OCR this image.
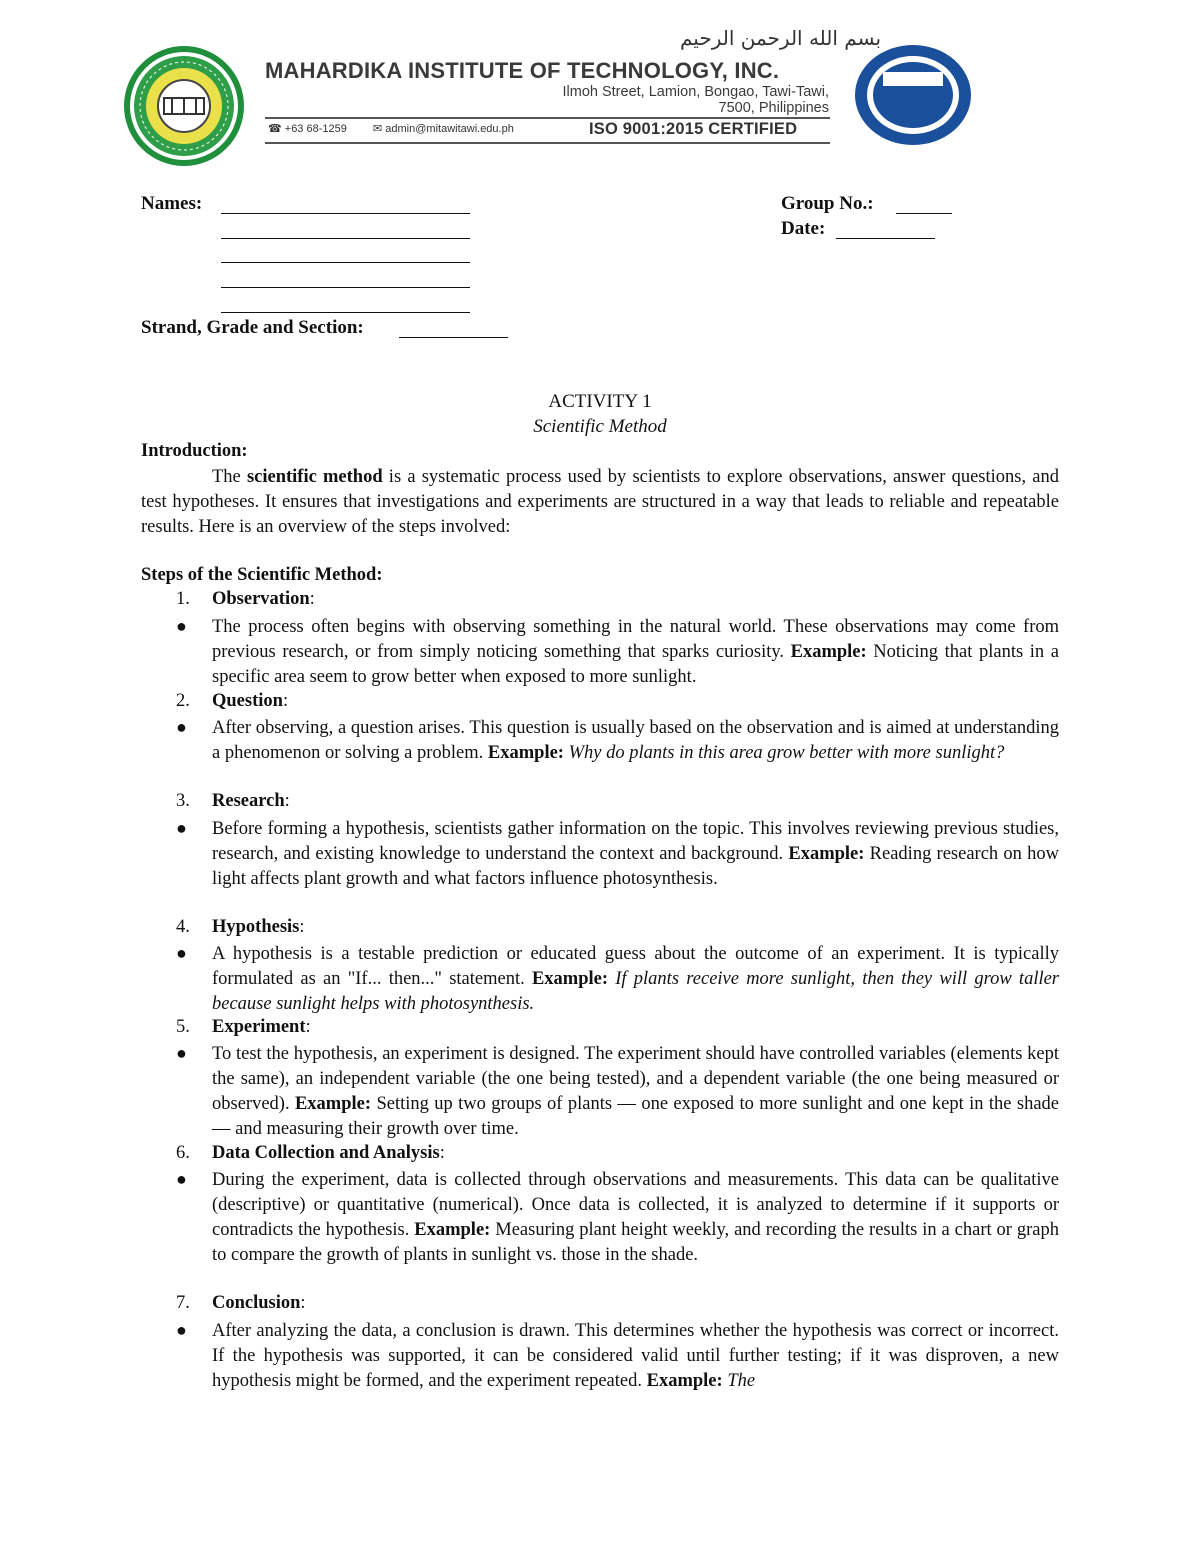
بسم الله الرحمن الرحيم
MAHARDIKA INSTITUTE OF TECHNOLOGY, INC.
Ilmoh Street, Lamion, Bongao, Tawi-Tawi,
7500, Philippines
☎ +63 68-1259 ✉ admin@mitawitawi.edu.ph	ISO 9001:2015 CERTIFIED
Names:	Group No.:
Date:
Strand, Grade and Section:
ACTIVITY 1
Scientific Method
Introduction:
The scientific method is a systematic process used by scientists to explore observations, answer questions, and test hypotheses. It ensures that investigations and experiments are structured in a way that leads to reliable and repeatable results. Here is an overview of the steps involved:
Steps of the Scientific Method:
1. Observation:
● The process often begins with observing something in the natural world. These observations may come from previous research, or from simply noticing something that sparks curiosity. Example: Noticing that plants in a specific area seem to grow better when exposed to more sunlight.
2. Question:
● After observing, a question arises. This question is usually based on the observation and is aimed at understanding a phenomenon or solving a problem. Example: Why do plants in this area grow better with more sunlight?
3. Research:
● Before forming a hypothesis, scientists gather information on the topic. This involves reviewing previous studies, research, and existing knowledge to understand the context and background. Example: Reading research on how light affects plant growth and what factors influence photosynthesis.
4. Hypothesis:
● A hypothesis is a testable prediction or educated guess about the outcome of an experiment. It is typically formulated as an "If... then..." statement. Example: If plants receive more sunlight, then they will grow taller because sunlight helps with photosynthesis.
5. Experiment:
● To test the hypothesis, an experiment is designed. The experiment should have controlled variables (elements kept the same), an independent variable (the one being tested), and a dependent variable (the one being measured or observed). Example: Setting up two groups of plants — one exposed to more sunlight and one kept in the shade — and measuring their growth over time.
6. Data Collection and Analysis:
● During the experiment, data is collected through observations and measurements. This data can be qualitative (descriptive) or quantitative (numerical). Once data is collected, it is analyzed to determine if it supports or contradicts the hypothesis. Example: Measuring plant height weekly, and recording the results in a chart or graph to compare the growth of plants in sunlight vs. those in the shade.
7. Conclusion:
● After analyzing the data, a conclusion is drawn. This determines whether the hypothesis was correct or incorrect. If the hypothesis was supported, it can be considered valid until further testing; if it was disproven, a new hypothesis might be formed, and the experiment repeated. Example: The
